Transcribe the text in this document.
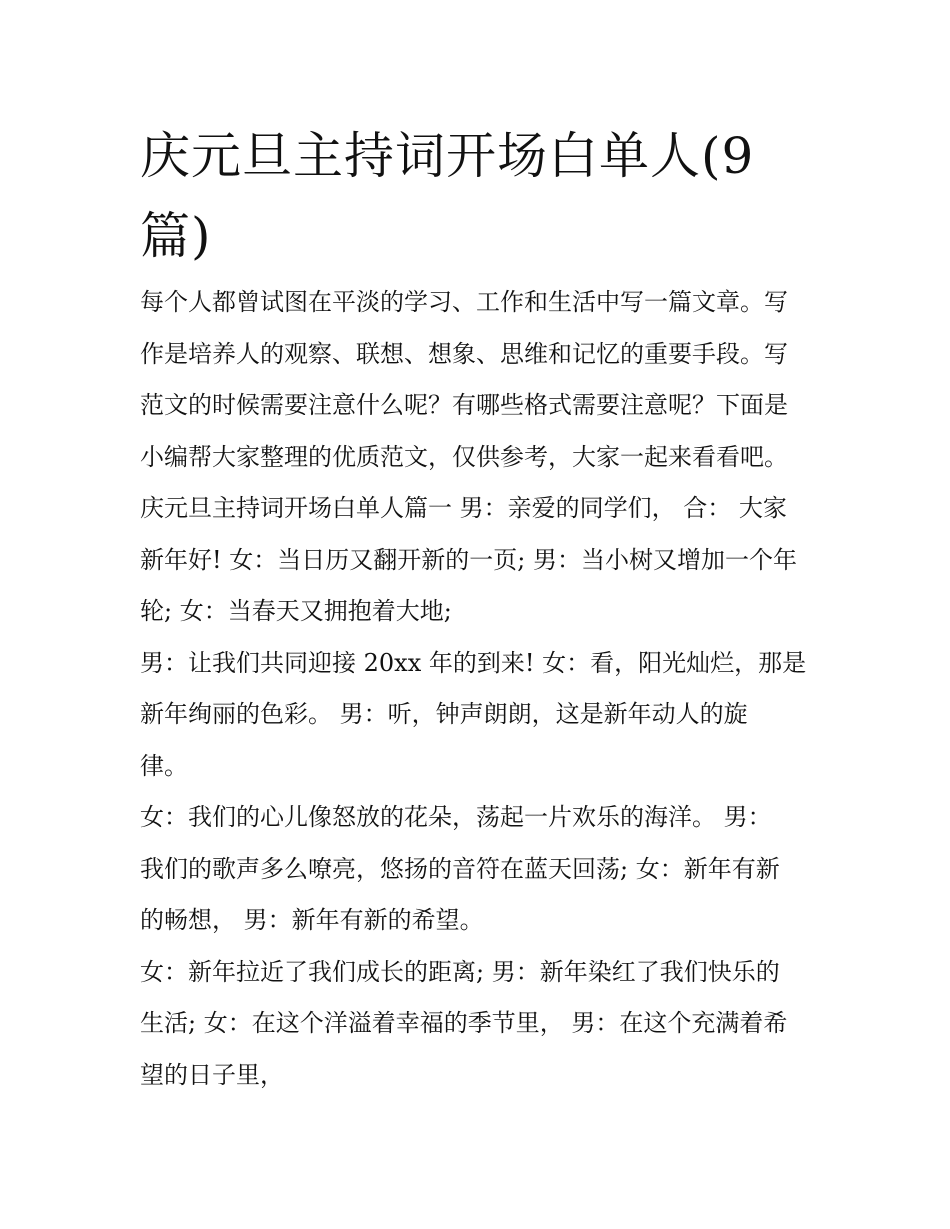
庆元旦主持词开场白单人(9
篇)
每个人都曾试图在平淡的学习、工作和生活中写一篇文章。写
作是培养人的观察、联想、想象、思维和记忆的重要手段。写
范文的时候需要注意什么呢？有哪些格式需要注意呢？下面是
小编帮大家整理的优质范文，仅供参考，大家一起来看看吧。
庆元旦主持词开场白单人篇一 男：亲爱的同学们， 合： 大家
新年好! 女：当日历又翻开新的一页; 男：当小树又增加一个年
轮; 女：当春天又拥抱着大地;
男：让我们共同迎接 20xx 年的到来! 女：看，阳光灿烂，那是
新年绚丽的色彩。 男：听，钟声朗朗，这是新年动人的旋
律。
女：我们的心儿像怒放的花朵，荡起一片欢乐的海洋。 男：
我们的歌声多么嘹亮，悠扬的音符在蓝天回荡; 女：新年有新
的畅想， 男：新年有新的希望。
女：新年拉近了我们成长的距离; 男：新年染红了我们快乐的
生活; 女：在这个洋溢着幸福的季节里， 男：在这个充满着希
望的日子里，
